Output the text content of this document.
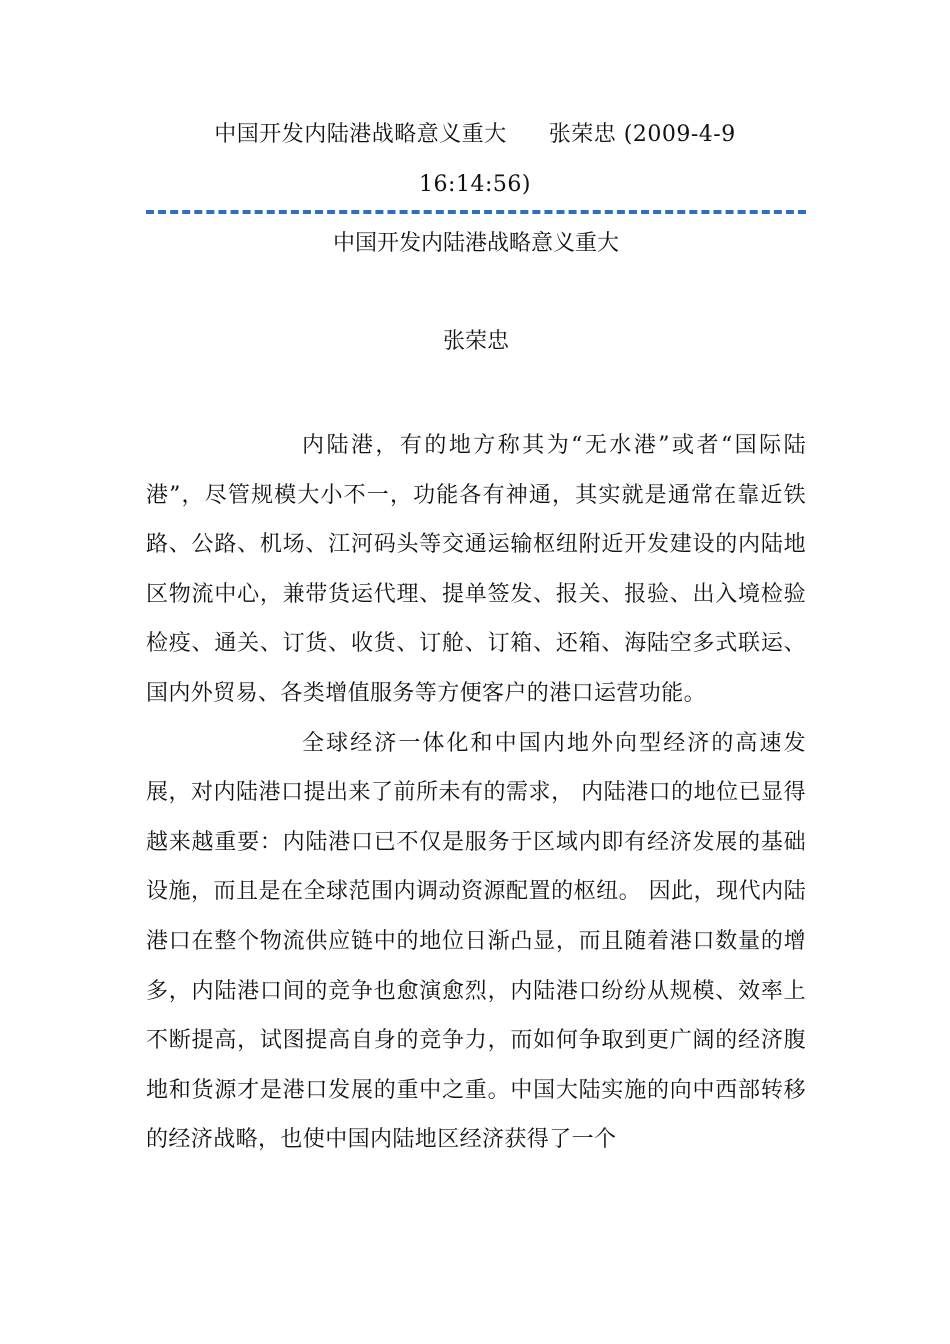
中国开发内陆港战略意义重大 张荣忠 (2009-4-9
16:14:56)
中国开发内陆港战略意义重大
张荣忠

内陆港，有的地方称其为“无水港”或者“国际陆港”，尽管规模大小不一，功能各有神通，其实就是通常在靠近铁路、公路、机场、江河码头等交通运输枢纽附近开发建设的内陆地区物流中心，兼带货运代理、提单签发、报关、报验、出入境检验检疫、通关、订货、收货、订舱、订箱、还箱、海陆空多式联运、国内外贸易、各类增值服务等方便客户的港口运营功能。

全球经济一体化和中国内地外向型经济的高速发展，对内陆港口提出来了前所未有的需求， 内陆港口的地位已显得越来越重要：内陆港口已不仅是服务于区域内即有经济发展的基础设施，而且是在全球范围内调动资源配置的枢纽。 因此，现代内陆港口在整个物流供应链中的地位日渐凸显，而且随着港口数量的增多，内陆港口间的竞争也愈演愈烈，内陆港口纷纷从规模、效率上不断提高，试图提高自身的竞争力，而如何争取到更广阔的经济腹地和货源才是港口发展的重中之重。中国大陆实施的向中西部转移的经济战略，也使中国内陆地区经济获得了一个
